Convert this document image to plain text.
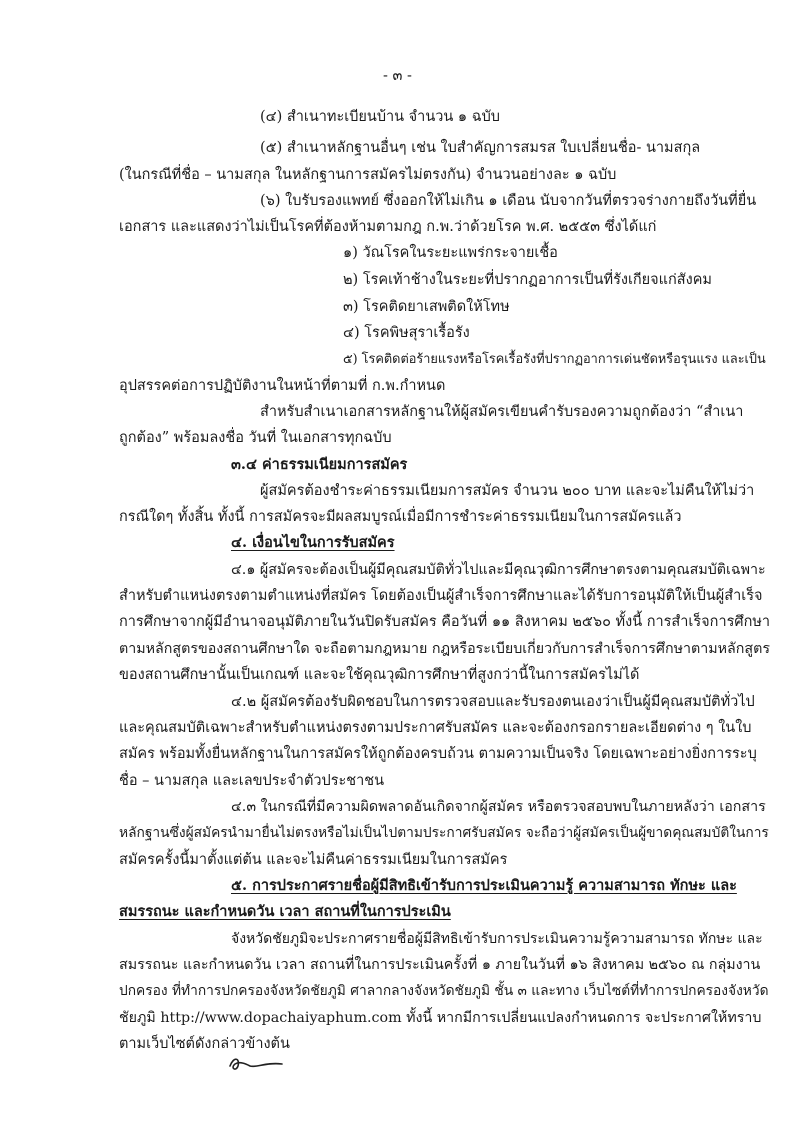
- ๓ -
(๔) สำเนาทะเบียนบ้าน จำนวน ๑ ฉบับ
(๕) สำเนาหลักฐานอื่นๆ เช่น ใบสำคัญการสมรส ใบเปลี่ยนชื่อ- นามสกุล
(ในกรณีที่ชื่อ – นามสกุล ในหลักฐานการสมัครไม่ตรงกัน) จำนวนอย่างละ ๑ ฉบับ
(๖) ใบรับรองแพทย์ ซึ่งออกให้ไม่เกิน ๑ เดือน นับจากวันที่ตรวจร่างกายถึงวันที่ยื่น
เอกสาร และแสดงว่าไม่เป็นโรคที่ต้องห้ามตามกฎ ก.พ.ว่าด้วยโรค พ.ศ. ๒๕๕๓ ซึ่งได้แก่
๑) วัณโรคในระยะแพร่กระจายเชื้อ
๒) โรคเท้าช้างในระยะที่ปรากฏอาการเป็นที่รังเกียจแก่สังคม
๓) โรคติดยาเสพติดให้โทษ
๔) โรคพิษสุราเรื้อรัง
๕) โรคติดต่อร้ายแรงหรือโรคเรื้อรังที่ปรากฏอาการเด่นชัดหรือรุนแรง และเป็น
อุปสรรคต่อการปฏิบัติงานในหน้าที่ตามที่ ก.พ.กำหนด
สำหรับสำเนาเอกสารหลักฐานให้ผู้สมัครเขียนคำรับรองความถูกต้องว่า “สำเนา
ถูกต้อง” พร้อมลงชื่อ วันที่ ในเอกสารทุกฉบับ
๓.๔ ค่าธรรมเนียมการสมัคร
ผู้สมัครต้องชำระค่าธรรมเนียมการสมัคร จำนวน ๒๐๐ บาท และจะไม่คืนให้ไม่ว่า
กรณีใดๆ ทั้งสิ้น ทั้งนี้ การสมัครจะมีผลสมบูรณ์เมื่อมีการชำระค่าธรรมเนียมในการสมัครแล้ว
๔. เงื่อนไขในการรับสมัคร
๔.๑ ผู้สมัครจะต้องเป็นผู้มีคุณสมบัติทั่วไปและมีคุณวุฒิการศึกษาตรงตามคุณสมบัติเฉพาะ
สำหรับตำแหน่งตรงตามตำแหน่งที่สมัคร โดยต้องเป็นผู้สำเร็จการศึกษาและได้รับการอนุมัติให้เป็นผู้สำเร็จ
การศึกษาจากผู้มีอำนาจอนุมัติภายในวันปิดรับสมัคร คือวันที่ ๑๑ สิงหาคม ๒๕๖๐ ทั้งนี้ การสำเร็จการศึกษา
ตามหลักสูตรของสถานศึกษาใด จะถือตามกฎหมาย กฎหรือระเบียบเกี่ยวกับการสำเร็จการศึกษาตามหลักสูตร
ของสถานศึกษานั้นเป็นเกณฑ์ และจะใช้คุณวุฒิการศึกษาที่สูงกว่านี้ในการสมัครไม่ได้
๔.๒ ผู้สมัครต้องรับผิดชอบในการตรวจสอบและรับรองตนเองว่าเป็นผู้มีคุณสมบัติทั่วไป
และคุณสมบัติเฉพาะสำหรับตำแหน่งตรงตามประกาศรับสมัคร และจะต้องกรอกรายละเอียดต่าง ๆ ในใบ
สมัคร พร้อมทั้งยื่นหลักฐานในการสมัครให้ถูกต้องครบถ้วน ตามความเป็นจริง โดยเฉพาะอย่างยิ่งการระบุ
ชื่อ – นามสกุล และเลขประจำตัวประชาชน
๔.๓ ในกรณีที่มีความผิดพลาดอันเกิดจากผู้สมัคร หรือตรวจสอบพบในภายหลังว่า เอกสาร
หลักฐานซึ่งผู้สมัครนำมายื่นไม่ตรงหรือไม่เป็นไปตามประกาศรับสมัคร จะถือว่าผู้สมัครเป็นผู้ขาดคุณสมบัติในการ
สมัครครั้งนี้มาตั้งแต่ต้น และจะไม่คืนค่าธรรมเนียมในการสมัคร
๕. การประกาศรายชื่อผู้มีสิทธิเข้ารับการประเมินความรู้ ความสามารถ ทักษะ และ
สมรรถนะ และกำหนดวัน เวลา สถานที่ในการประเมิน
จังหวัดชัยภูมิจะประกาศรายชื่อผู้มีสิทธิเข้ารับการประเมินความรู้ความสามารถ ทักษะ และ
สมรรถนะ และกำหนดวัน เวลา สถานที่ในการประเมินครั้งที่ ๑ ภายในวันที่ ๑๖ สิงหาคม ๒๕๖๐ ณ กลุ่มงาน
ปกครอง ที่ทำการปกครองจังหวัดชัยภูมิ ศาลากลางจังหวัดชัยภูมิ ชั้น ๓ และทาง เว็บไซต์ที่ทำการปกครองจังหวัด
ชัยภูมิ http://www.dopachaiyaphum.com ทั้งนี้ หากมีการเปลี่ยนแปลงกำหนดการ จะประกาศให้ทราบ
ตามเว็บไซต์ดังกล่าวข้างต้น
